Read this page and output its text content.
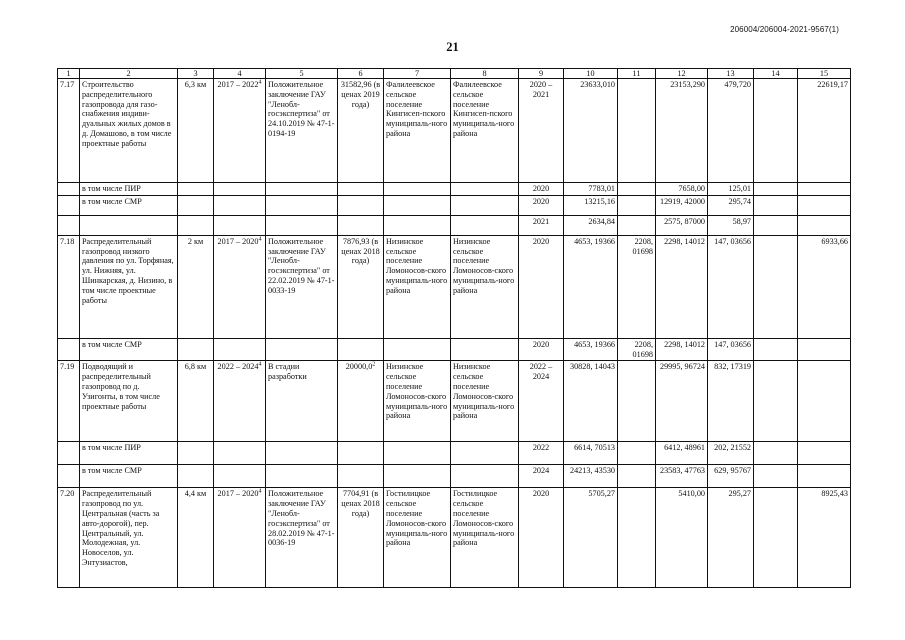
206004/206004-2021-9567(1)
21
1	2	3	4	5	6	7	8	9	10	11	12	13	14	15
7.17	Строительство распределительного газопровода для газо-снабжения индиви-дуальных жилых домов в д. Домашово, в том числе проектные работы	6,3 км	2017 – 2022$^4$	Положительное заключение ГАУ "Ленобл-госэкспертиза" от 24.10.2019 № 47-1-0194-19	31582,96 (в ценах 2019 года)	Фалилеевское сельское поселение Кингисеп-пского муниципаль-ного района	Фалилеевское сельское поселение Кингисеп-пского муниципаль-ного района	2020 – 2021	23633,010		23153,290	479,720		22619,17
	в том числе ПИР							2020	7783,01		7658,00	125,01		
	в том числе СМР							2020	13215,16		12919, 42000	295,74		
								2021	2634,84		2575, 87000	58,97		
7.18	Распределительный газопровод низкого давления по ул. Торфяная, ул. Нижняя, ул. Шинкарская, д. Низино, в том числе проектные работы	2 км	2017 – 2020$^4$	Положительное заключение ГАУ "Ленобл-госэкспертиза" от 22.02.2019 № 47-1-0033-19	7876,93 (в ценах 2018 года)	Низинское сельское поселение Ломоносов-ского муниципаль-ного района	Низинское сельское поселение Ломоносов-ского муниципаль-ного района	2020	4653, 19366	2208, 01698	2298, 14012	147, 03656		6933,66
	в том числе СМР							2020	4653, 19366	2208, 01698	2298, 14012	147, 03656		
7.19	Подводящий и распределительный газопровод по д. Узигонты, в том числе проектные работы	6,8 км	2022 – 2024$^4$	В стадии разработки	20000,0$^2$	Низинское сельское поселение Ломоносов-ского муниципаль-ного района	Низинское сельское поселение Ломоносов-ского муниципаль-ного района	2022 – 2024	30828, 14043		29995, 96724	832, 17319		
	в том числе ПИР							2022	6614, 70513		6412, 48961	202, 21552		
	в том числе СМР							2024	24213, 43530		23583, 47763	629, 95767		
7.20	Распределительный газопровод по ул. Центральная (часть за авто-дорогой), пер. Центральный, ул. Молодежная, ул. Новоселов, ул. Энтузиастов,	4,4 км	2017 – 2020$^4$	Положительное заключение ГАУ "Ленобл-госэкспертиза" от 28.02.2019 № 47-1-0036-19	7704,91 (в ценах 2018 года)	Гостилицкое сельское поселение Ломоносов-ского муниципаль-ного района	Гостилицкое сельское поселение Ломоносов-ского муниципаль-ного района	2020	5705,27		5410,00	295,27		8925,43
